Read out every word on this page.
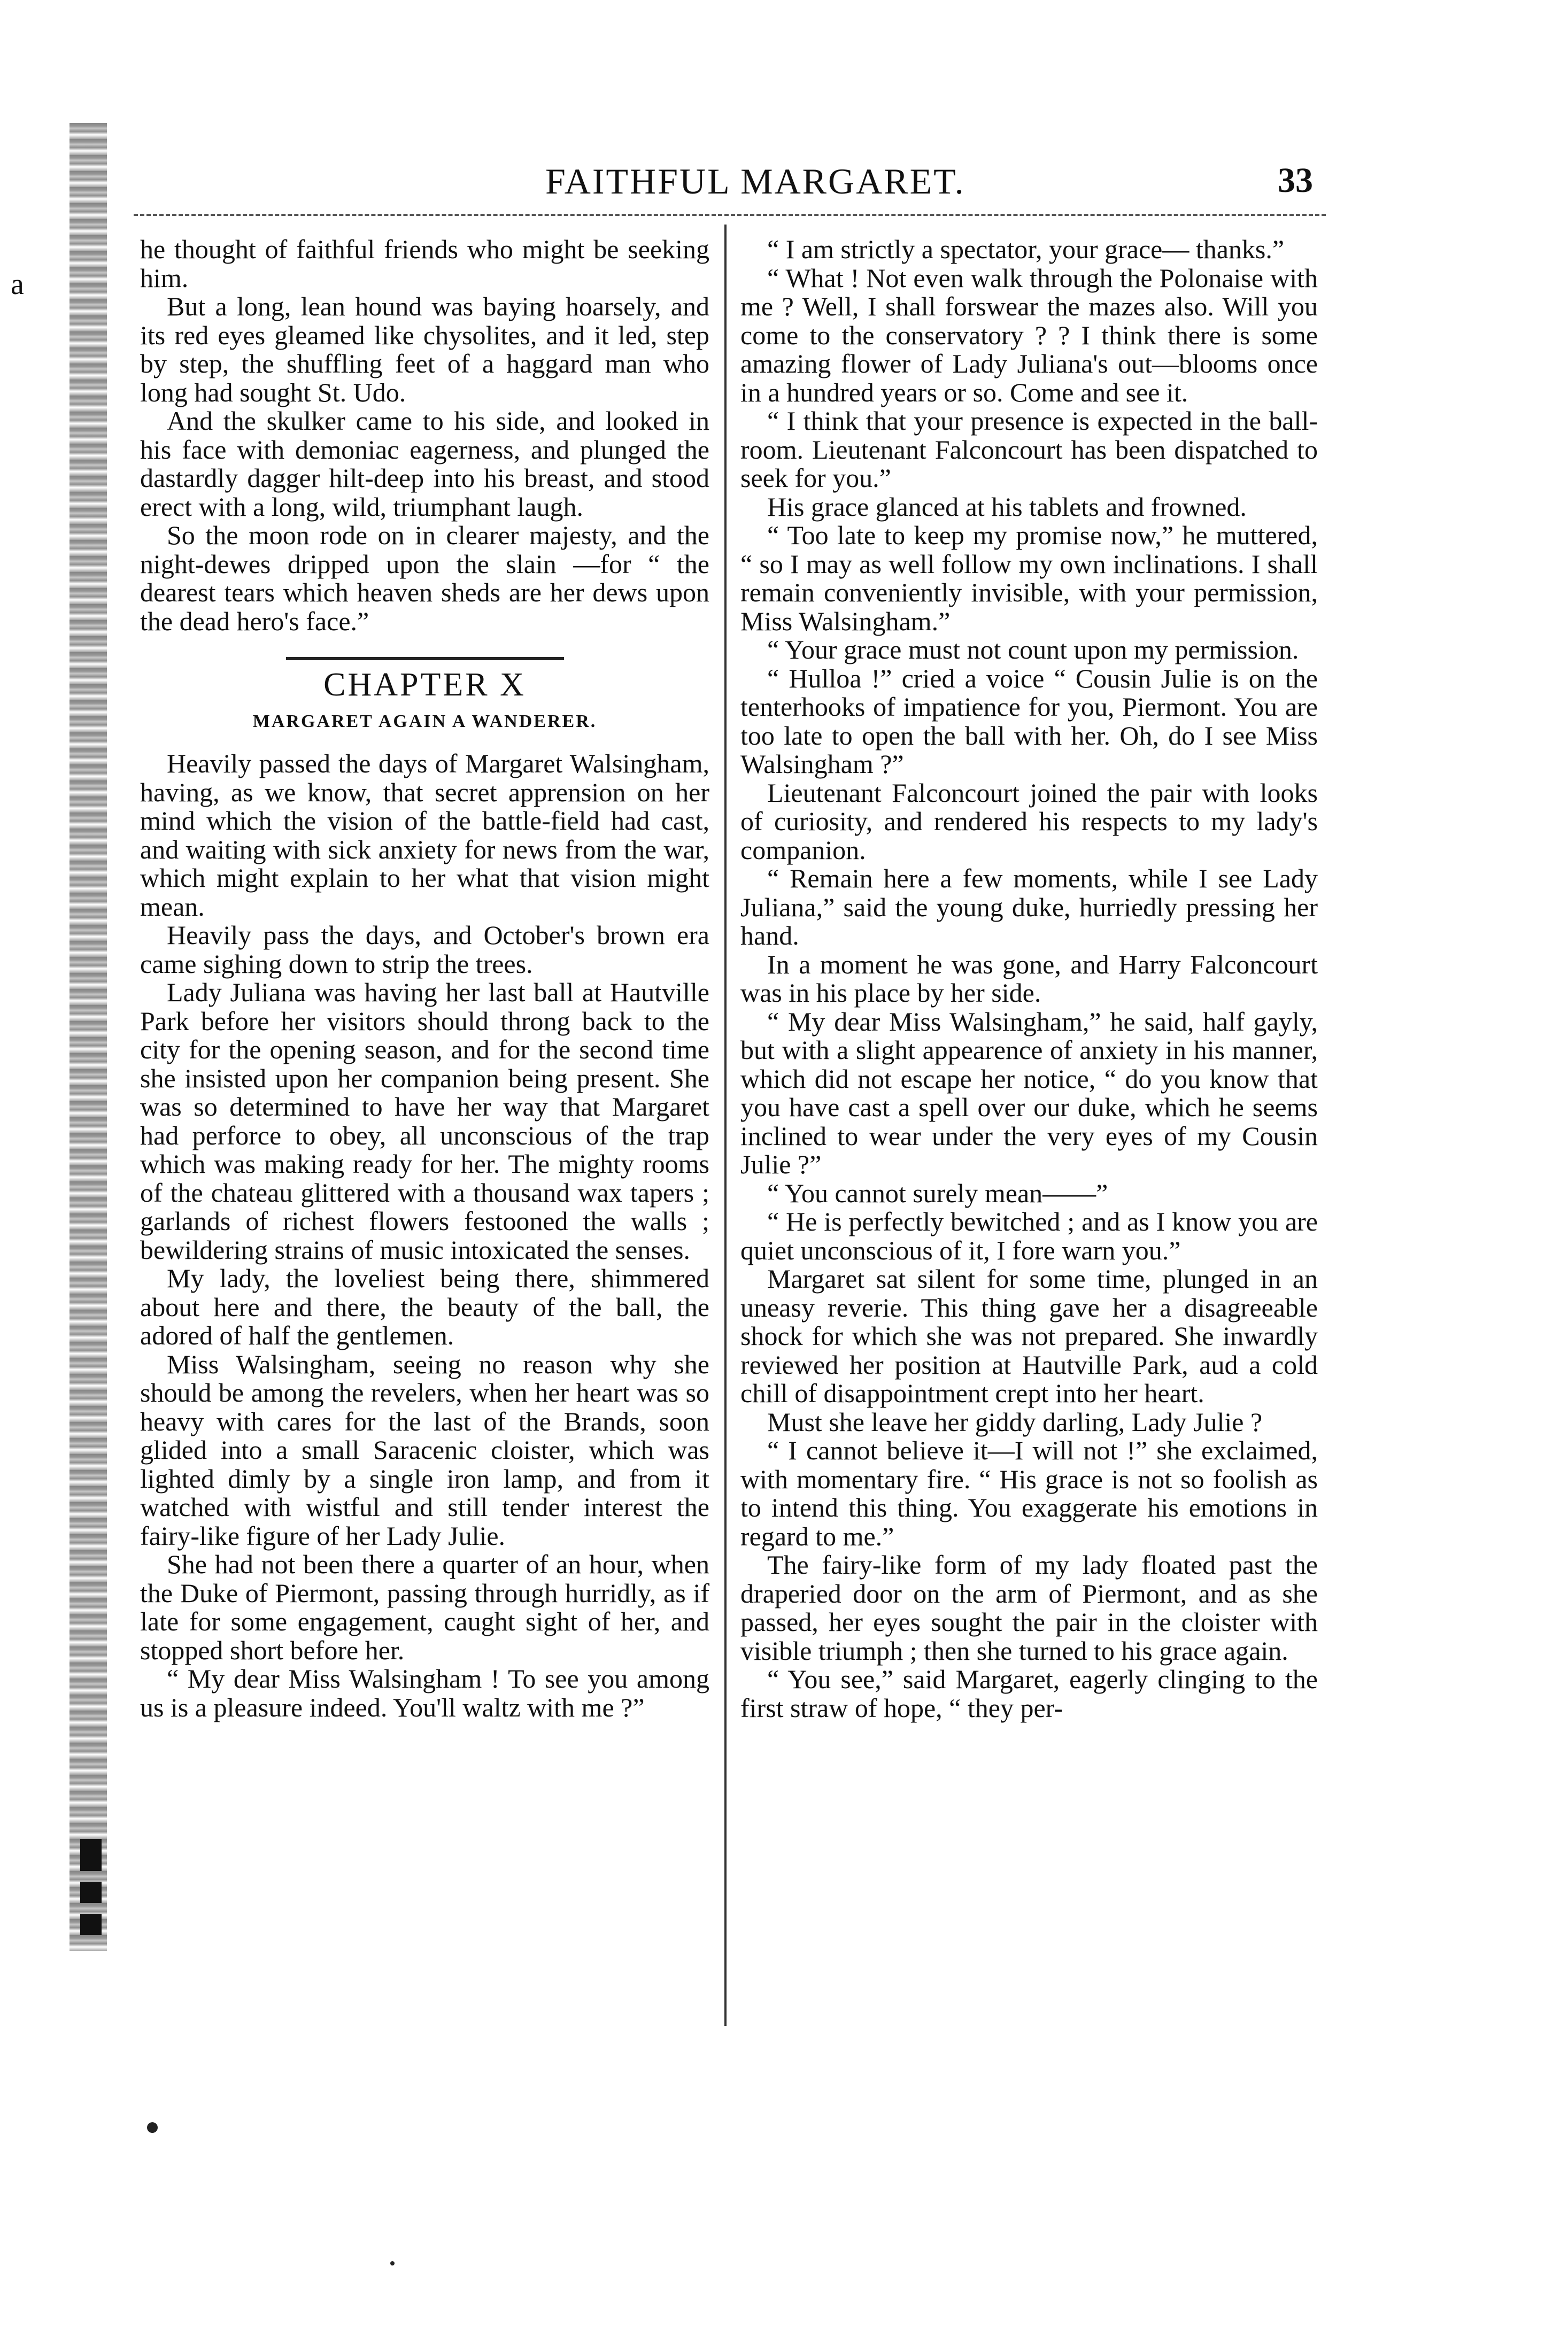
a
FAITHFUL MARGARET.	33

he thought of faithful friends who might be seeking him.

But a long, lean hound was baying hoarsely, and its red eyes gleamed like chysolites, and it led, step by step, the shuffling feet of a haggard man who long had sought St. Udo.

And the skulker came to his side, and looked in his face with demoniac eagerness, and plunged the dastardly dagger hilt-deep into his breast, and stood erect with a long, wild, triumphant laugh.

So the moon rode on in clearer majesty, and the night-dewes dripped upon the slain —for “ the dearest tears which heaven sheds are her dews upon the dead hero's face.”

CHAPTER X
MARGARET AGAIN A WANDERER.

Heavily passed the days of Margaret Walsingham, having, as we know, that secret apprension on her mind which the vision of the battle-field had cast, and waiting with sick anxiety for news from the war, which might explain to her what that vision might mean.

Heavily pass the days, and October's brown era came sighing down to strip the trees.

Lady Juliana was having her last ball at Hautville Park before her visitors should throng back to the city for the opening season, and for the second time she insisted upon her companion being present. She was so determined to have her way that Margaret had perforce to obey, all unconscious of the trap which was making ready for her. The mighty rooms of the chateau glittered with a thousand wax tapers ; garlands of richest flowers festooned the walls ; bewildering strains of music intoxicated the senses.

My lady, the loveliest being there, shimmered about here and there, the beauty of the ball, the adored of half the gentlemen.

Miss Walsingham, seeing no reason why she should be among the revelers, when her heart was so heavy with cares for the last of the Brands, soon glided into a small Saracenic cloister, which was lighted dimly by a single iron lamp, and from it watched with wistful and still tender interest the fairy-like figure of her Lady Julie.

She had not been there a quarter of an hour, when the Duke of Piermont, passing through hurridly, as if late for some engagement, caught sight of her, and stopped short before her.

“ My dear Miss Walsingham ! To see you among us is a pleasure indeed. You'll waltz with me ?”

“ I am strictly a spectator, your grace— thanks.”

“ What ! Not even walk through the Polonaise with me ? Well, I shall forswear the mazes also. Will you come to the conservatory ? ? I think there is some amazing flower of Lady Juliana's out—blooms once in a hundred years or so. Come and see it.

“ I think that your presence is expected in the ball-room. Lieutenant Falconcourt has been dispatched to seek for you.”

His grace glanced at his tablets and frowned.

“ Too late to keep my promise now,” he muttered, “ so I may as well follow my own inclinations. I shall remain conveniently invisible, with your permission, Miss Walsingham.”

“ Your grace must not count upon my permission.

“ Hulloa !” cried a voice “ Cousin Julie is on the tenterhooks of impatience for you, Piermont. You are too late to open the ball with her. Oh, do I see Miss Walsingham ?”

Lieutenant Falconcourt joined the pair with looks of curiosity, and rendered his respects to my lady's companion.

“ Remain here a few moments, while I see Lady Juliana,” said the young duke, hurriedly pressing her hand.

In a moment he was gone, and Harry Falconcourt was in his place by her side.

“ My dear Miss Walsingham,” he said, half gayly, but with a slight appearence of anxiety in his manner, which did not escape her notice, “ do you know that you have cast a spell over our duke, which he seems inclined to wear under the very eyes of my Cousin Julie ?”

“ You cannot surely mean——”

“ He is perfectly bewitched ; and as I know you are quiet unconscious of it, I fore warn you.”

Margaret sat silent for some time, plunged in an uneasy reverie. This thing gave her a disagreeable shock for which she was not prepared. She inwardly reviewed her position at Hautville Park, aud a cold chill of disappointment crept into her heart.

Must she leave her giddy darling, Lady Julie ?

“ I cannot believe it—I will not !” she exclaimed, with momentary fire. “ His grace is not so foolish as to intend this thing. You exaggerate his emotions in regard to me.”

The fairy-like form of my lady floated past the draperied door on the arm of Piermont, and as she passed, her eyes sought the pair in the cloister with visible triumph ; then she turned to his grace again.

“ You see,” said Margaret, eagerly clinging to the first straw of hope, “ they per-
